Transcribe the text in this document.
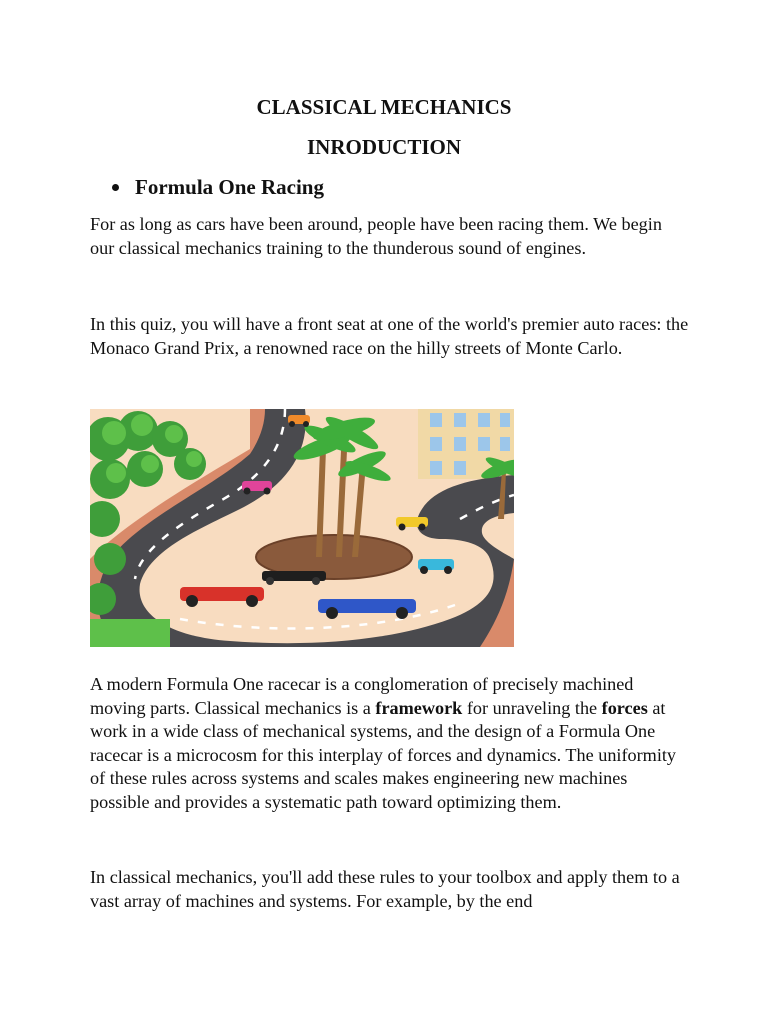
CLASSICAL MECHANICS
INRODUCTION
Formula One Racing

For as long as cars have been around, people have been racing them. We begin our classical mechanics training to the thunderous sound of engines.

In this quiz, you will have a front seat at one of the world's premier auto races: the Monaco Grand Prix, a renowned race on the hilly streets of Monte Carlo.

A modern Formula One racecar is a conglomeration of precisely machined moving parts. Classical mechanics is a framework for unraveling the forces at work in a wide class of mechanical systems, and the design of a Formula One racecar is a microcosm for this interplay of forces and dynamics. The uniformity of these rules across systems and scales makes engineering new machines possible and provides a systematic path toward optimizing them.

In classical mechanics, you'll add these rules to your toolbox and apply them to a vast array of machines and systems. For example, by the end
